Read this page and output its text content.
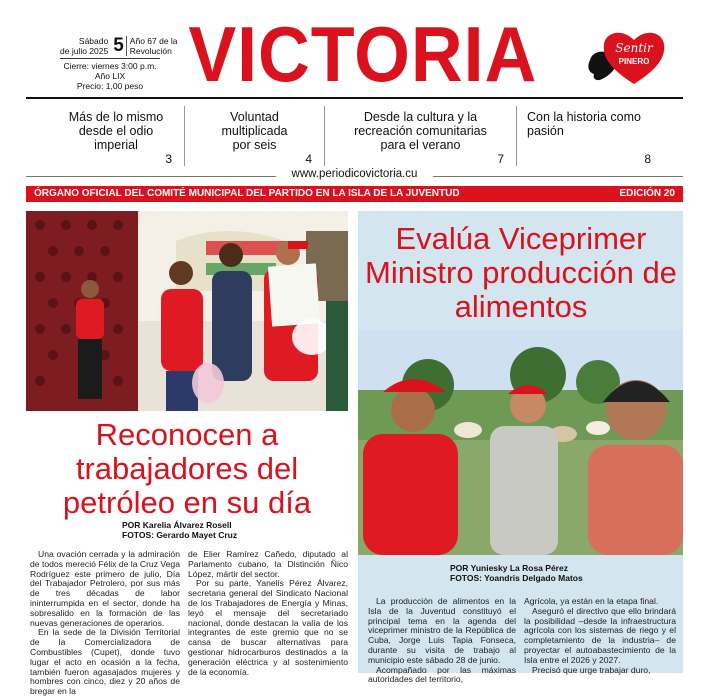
Sábado
de julio 2025 5 Año 67 de la
Revolución
Cierre: viernes 3:00 p.m.
Año LIX
Precio: 1,00 peso VICTORIA	Sentir
PINERO
Más de lo mismo desde el odio imperial
3
Voluntad multiplicada por seis
4
Desde la cultura y la recreación comunitarias para el verano
7
Con la historia como pasión
8
www.periodicovictoria.cu
ÓRGANO OFICIAL DEL COMITÉ MUNICIPAL DEL PARTIDO EN LA ISLA DE LA JUVENTUD	EDICIÓN 20
Reconocen a trabajadores del petróleo en su día
POR Karelia Álvarez Rosell
FOTOS: Gerardo Mayet Cruz

Una ovación cerrada y la admiración de todos mereció Félix de la Cruz Vega Rodríguez este primero de julio, Día del Trabajador Petrolero, por sus más de tres décadas de labor ininterrumpida en el sector, donde ha sobresalido en la formación de las nuevas generaciones de operarios.

En la sede de la División Territorial de la Comercializadora de Combustibles (Cupet), donde tuvo lugar el acto en ocasión a la fecha, también fueron agasajados mujeres y hombres con cinco, diez y 20 años de bregar en la

de Elier Ramírez Cañedo, diputado al Parlamento cubano, la Distinción Ñico López, mártir del sector.

Por su parte, Yanelis Pérez Álvarez, secretaria general del Sindicato Nacional de los Trabajadores de Energía y Minas, leyó el mensaje del secretariado nacional, donde destacan la valía de los integrantes de este gremio que no se cansa de buscar alternativas para gestionar hidrocarburos destinados a la generación eléctrica y al sostenimiento de la economía.

Evalúa Viceprimer Ministro producción de alimentos
POR Yuniesky La Rosa Pérez
FOTOS: Yoandris Delgado Matos

La producción de alimentos en la Isla de la Juventud constituyó el principal tema en la agenda del viceprimer ministro de la República de Cuba, Jorge Luis Tapia Fonseca, durante su visita de trabajo al municipio este sábado 28 de junio.

Acompañado por las máximas autoridades del territorio,

Agrícola, ya están en la etapa final.

Aseguró el directivo que ello brindará la posibilidad –desde la infraestructura agrícola con los sistemas de riego y el completamiento de la industria– de proyectar el autoabastecimiento de la Isla entre el 2026 y 2027.

Precisó que urge trabajar duro,
